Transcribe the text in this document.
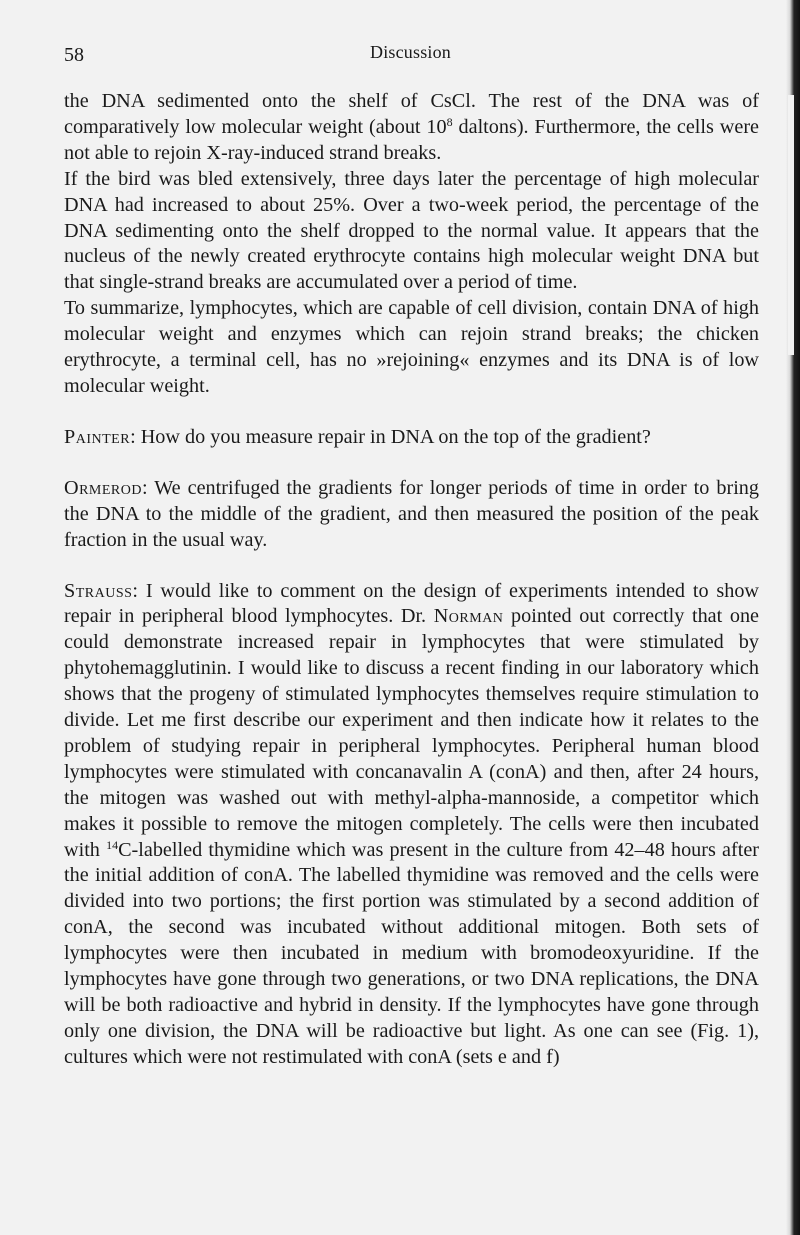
58	Discussion

the DNA sedimented onto the shelf of CsCl. The rest of the DNA was of comparatively low molecular weight (about $10^8$ daltons). Furthermore, the cells were not able to rejoin X-ray-induced strand breaks.

If the bird was bled extensively, three days later the percentage of high molecular DNA had increased to about 25%. Over a two-week period, the percentage of the DNA sedimenting onto the shelf dropped to the normal value. It appears that the nucleus of the newly created erythrocyte contains high molecular weight DNA but that single-strand breaks are accumulated over a period of time.

To summarize, lymphocytes, which are capable of cell division, contain DNA of high molecular weight and enzymes which can rejoin strand breaks; the chicken erythrocyte, a terminal cell, has no »rejoining« enzymes and its DNA is of low molecular weight.

Painter: How do you measure repair in DNA on the top of the gradient?

Ormerod: We centrifuged the gradients for longer periods of time in order to bring the DNA to the middle of the gradient, and then measured the position of the peak fraction in the usual way.

Strauss: I would like to comment on the design of experiments intended to show repair in peripheral blood lymphocytes. Dr. Norman pointed out correctly that one could demonstrate increased repair in lymphocytes that were stimulated by phytohemagglutinin. I would like to discuss a recent finding in our laboratory which shows that the progeny of stimulated lymphocytes themselves require stimulation to divide. Let me first describe our experiment and then indicate how it relates to the problem of studying repair in peripheral lymphocytes. Peripheral human blood lymphocytes were stimulated with concanavalin A (conA) and then, after 24 hours, the mitogen was washed out with methyl-alpha-mannoside, a competitor which makes it possible to remove the mitogen completely. The cells were then incubated with $^{14}$C-labelled thymidine which was present in the culture from 42–48 hours after the initial addition of conA. The labelled thymidine was removed and the cells were divided into two portions; the first portion was stimulated by a second addition of conA, the second was incubated without additional mitogen. Both sets of lymphocytes were then incubated in medium with bromodeoxyuridine. If the lymphocytes have gone through two generations, or two DNA replications, the DNA will be both radioactive and hybrid in density. If the lymphocytes have gone through only one division, the DNA will be radioactive but light. As one can see (Fig. 1), cultures which were not restimulated with conA (sets e and f)
